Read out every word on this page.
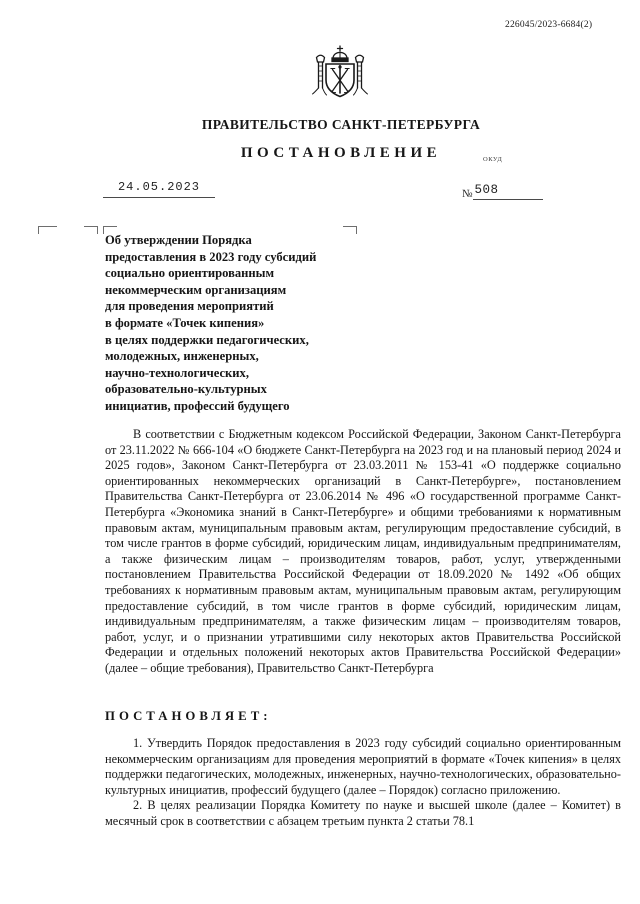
226045/2023-6684(2)
ПРАВИТЕЛЬСТВО САНКТ-ПЕТЕРБУРГА
ПОСТАНОВЛЕНИЕ	ОКУД
24.05.2023	№ 508
Об утверждении Порядка
предоставления в 2023 году субсидий
социально ориентированным
некоммерческим организациям
для проведения мероприятий
в формате «Точек кипения»
в целях поддержки педагогических,
молодежных, инженерных,
научно-технологических,
образовательно-культурных
инициатив, профессий будущего
В соответствии с Бюджетным кодексом Российской Федерации, Законом Санкт-Петербурга от 23.11.2022 № 666-104 «О бюджете Санкт-Петербурга на 2023 год и на плановый период 2024 и 2025 годов», Законом Санкт-Петербурга от 23.03.2011 № 153-41 «О поддержке социально ориентированных некоммерческих организаций в Санкт-Петербурге», постановлением Правительства Санкт-Петербурга от 23.06.2014 № 496 «О государственной программе Санкт-Петербурга «Экономика знаний в Санкт-Петербурге» и общими требованиями к нормативным правовым актам, муниципальным правовым актам, регулирующим предоставление субсидий, в том числе грантов в форме субсидий, юридическим лицам, индивидуальным предпринимателям, а также физическим лицам – производителям товаров, работ, услуг, утвержденными постановлением Правительства Российской Федерации от 18.09.2020 № 1492 «Об общих требованиях к нормативным правовым актам, муниципальным правовым актам, регулирующим предоставление субсидий, в том числе грантов в форме субсидий, юридическим лицам, индивидуальным предпринимателям, а также физическим лицам – производителям товаров, работ, услуг, и о признании утратившими силу некоторых актов Правительства Российской Федерации и отдельных положений некоторых актов Правительства Российской Федерации» (далее – общие требования), Правительство Санкт-Петербурга
ПОСТАНОВЛЯЕТ:

1. Утвердить Порядок предоставления в 2023 году субсидий социально ориентированным некоммерческим организациям для проведения мероприятий в формате «Точек кипения» в целях поддержки педагогических, молодежных, инженерных, научно-технологических, образовательно-культурных инициатив, профессий будущего (далее – Порядок) согласно приложению.

2. В целях реализации Порядка Комитету по науке и высшей школе (далее – Комитет) в месячный срок в соответствии с абзацем третьим пункта 2 статьи 78.1
